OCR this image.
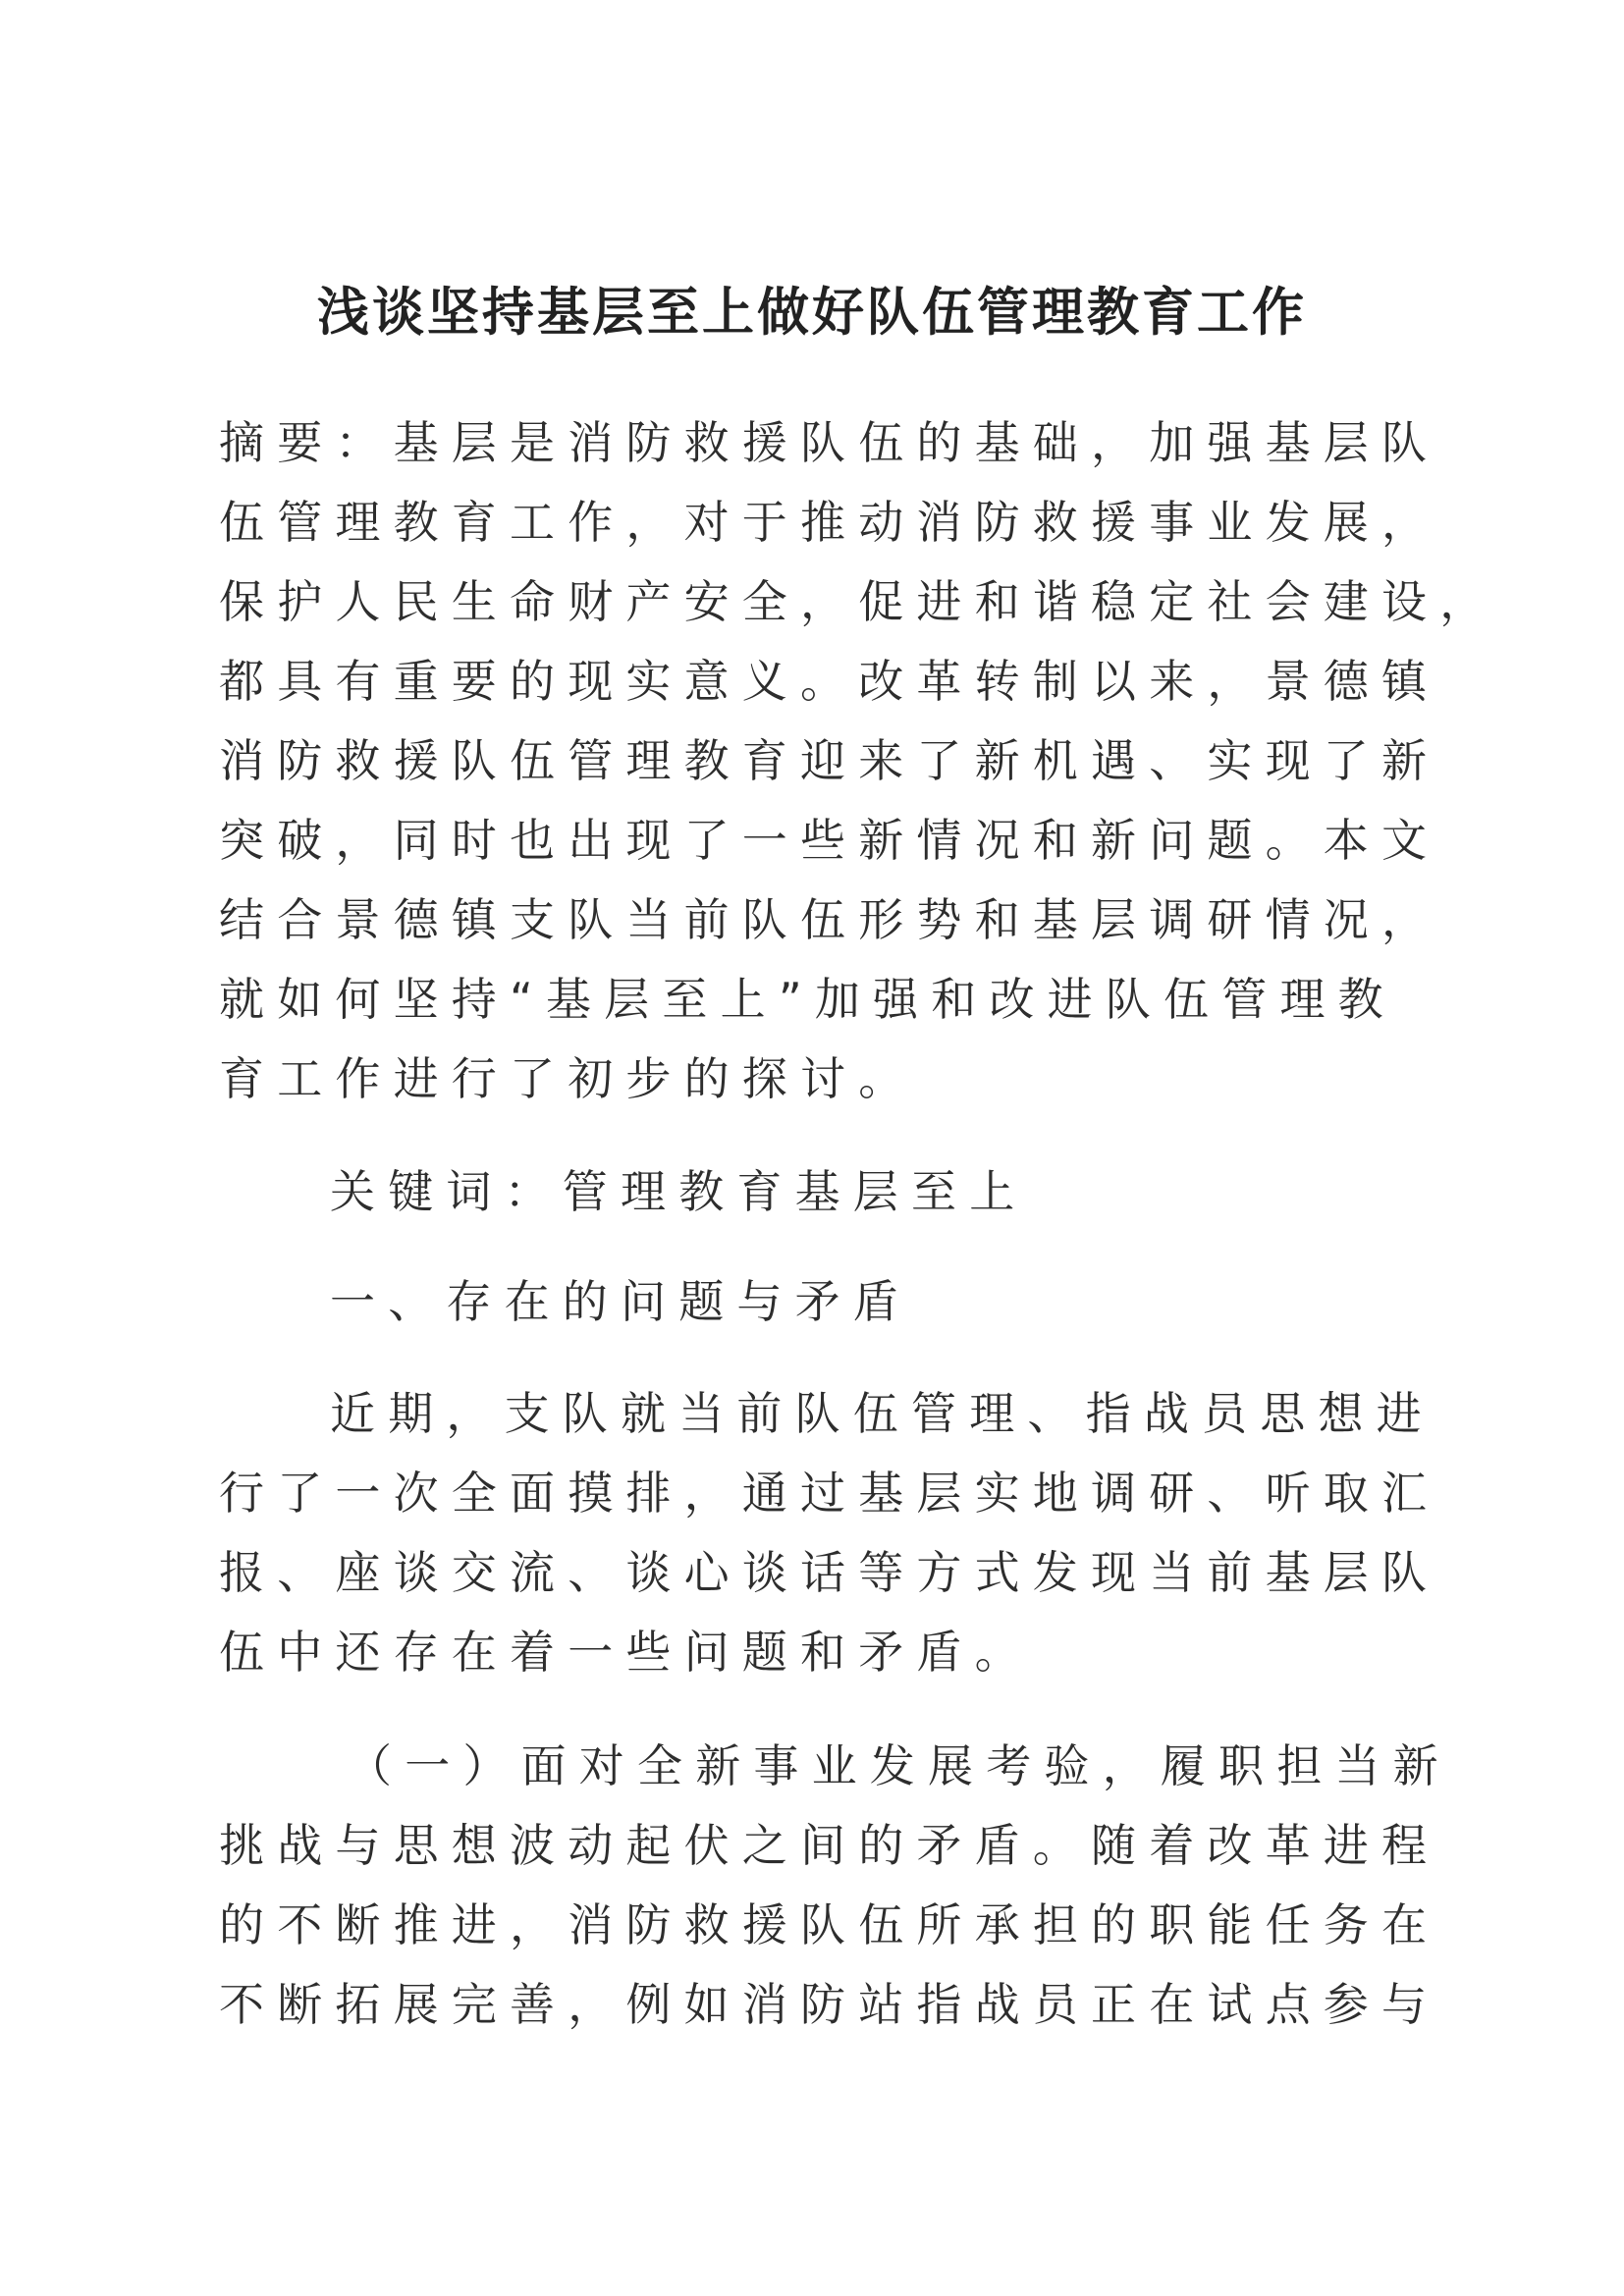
浅谈坚持基层至上做好队伍管理教育工作
摘要：基层是消防救援队伍的基础，加强基层队
伍管理教育工作，对于推动消防救援事业发展，
保护人民生命财产安全，促进和谐稳定社会建设，
都具有重要的现实意义。改革转制以来，景德镇
消防救援队伍管理教育迎来了新机遇、实现了新
突破，同时也出现了一些新情况和新问题。本文
结合景德镇支队当前队伍形势和基层调研情况，
就如何坚持“基层至上”加强和改进队伍管理教
育工作进行了初步的探讨。
关键词：管理教育基层至上
一、存在的问题与矛盾
近期，支队就当前队伍管理、指战员思想进
行了一次全面摸排，通过基层实地调研、听取汇
报、座谈交流、谈心谈话等方式发现当前基层队
伍中还存在着一些问题和矛盾。
（一）面对全新事业发展考验，履职担当新
挑战与思想波动起伏之间的矛盾。随着改革进程
的不断推进，消防救援队伍所承担的职能任务在
不断拓展完善，例如消防站指战员正在试点参与
